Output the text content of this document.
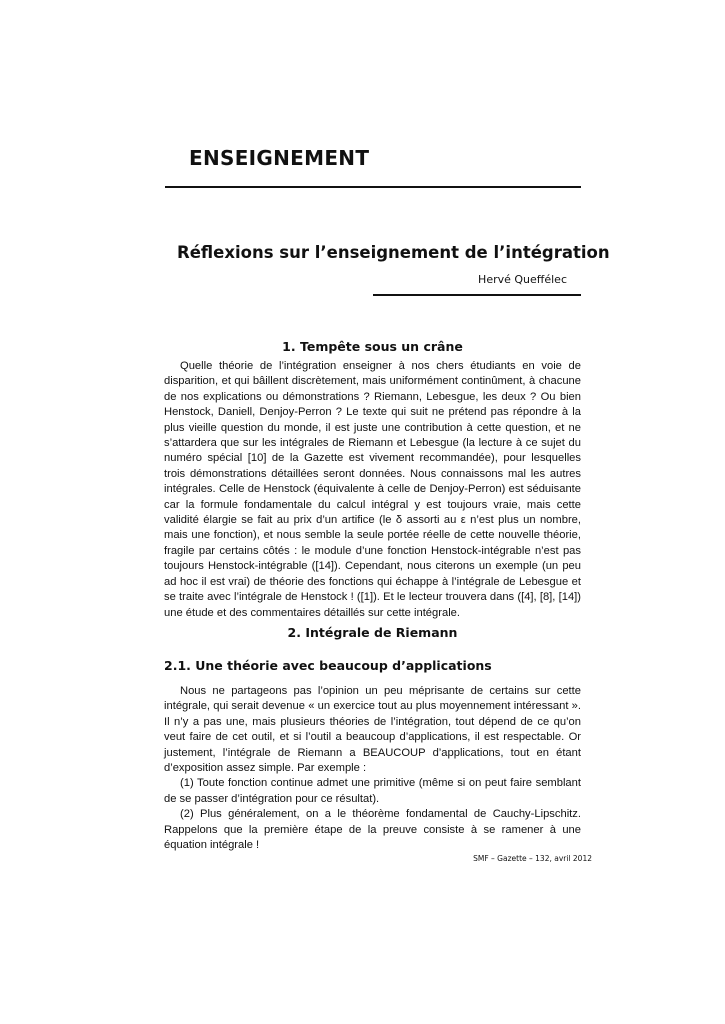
ENSEIGNEMENT
Réflexions sur l’enseignement de l’intégration
Hervé Queffélec
1. Tempête sous un crâne

Quelle théorie de l’intégration enseigner à nos chers étudiants en voie de disparition, et qui bâillent discrètement, mais uniformément continûment, à chacune de nos explications ou démonstrations ? Riemann, Lebesgue, les deux ? Ou bien Henstock, Daniell, Denjoy-Perron ? Le texte qui suit ne prétend pas répondre à la plus vieille question du monde, il est juste une contribution à cette question, et ne s’attardera que sur les intégrales de Riemann et Lebesgue (la lecture à ce sujet du numéro spécial [10] de la Gazette est vivement recommandée), pour lesquelles trois démonstrations détaillées seront données. Nous connaissons mal les autres intégrales. Celle de Henstock (équivalente à celle de Denjoy-Perron) est séduisante car la formule fondamentale du calcul intégral y est toujours vraie, mais cette validité élargie se fait au prix d’un artifice (le δ assorti au ε n’est plus un nombre, mais une fonction), et nous semble la seule portée réelle de cette nouvelle théorie, fragile par certains côtés : le module d’une fonction Henstock-intégrable n’est pas toujours Henstock-intégrable ([14]). Cependant, nous citerons un exemple (un peu ad hoc il est vrai) de théorie des fonctions qui échappe à l’intégrale de Lebesgue et se traite avec l’intégrale de Henstock ! ([1]). Et le lecteur trouvera dans ([4], [8], [14]) une étude et des commentaires détaillés sur cette intégrale.

2. Intégrale de Riemann
2.1. Une théorie avec beaucoup d’applications

Nous ne partageons pas l’opinion un peu méprisante de certains sur cette intégrale, qui serait devenue « un exercice tout au plus moyennement intéressant ». Il n’y a pas une, mais plusieurs théories de l’intégration, tout dépend de ce qu’on veut faire de cet outil, et si l’outil a beaucoup d’applications, il est respectable. Or justement, l’intégrale de Riemann a BEAUCOUP d’applications, tout en étant d’exposition assez simple. Par exemple :

(1) Toute fonction continue admet une primitive (même si on peut faire semblant de se passer d’intégration pour ce résultat).

(2) Plus généralement, on a le théorème fondamental de Cauchy-Lipschitz. Rappelons que la première étape de la preuve consiste à se ramener à une équation intégrale !

SMF – Gazette – 132, avril 2012
